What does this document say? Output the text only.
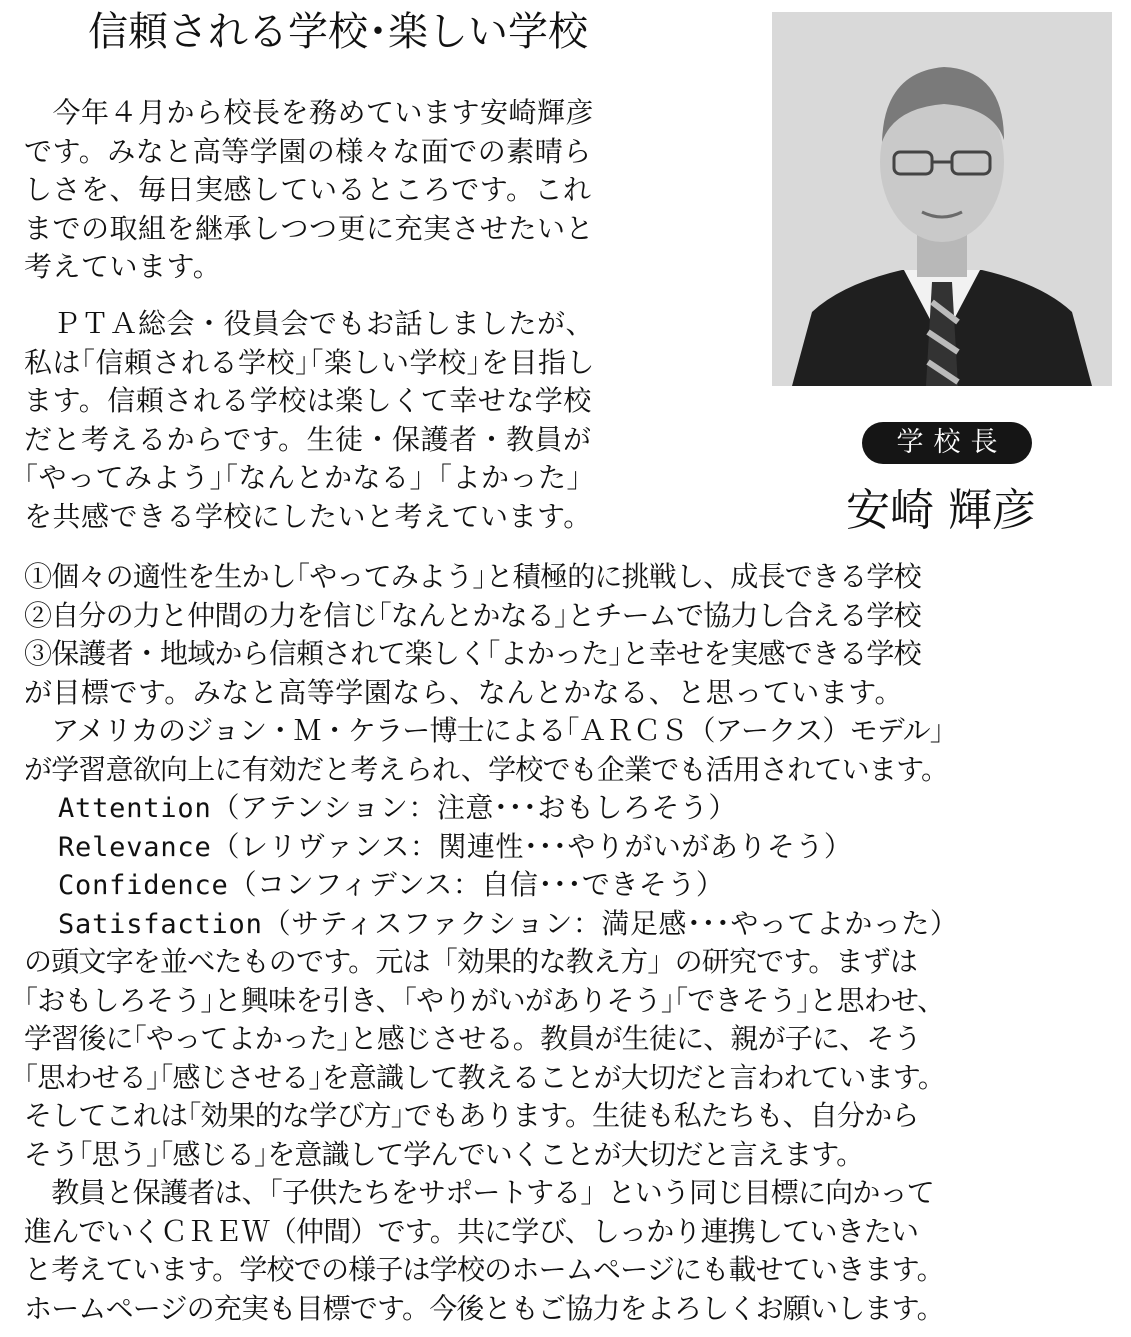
信頼される学校･楽しい学校
学校長
安崎 輝彦
　今年４月から校長を務めています安崎輝彦
です。みなと高等学園の様々な面での素晴ら
しさを、毎日実感しているところです。これ
までの取組を継承しつつ更に充実させたいと
考えています。
　ＰＴＡ総会・役員会でもお話しましたが、
私は｢信頼される学校｣｢楽しい学校｣を目指し
ます。信頼される学校は楽しくて幸せな学校
だと考えるからです。生徒・保護者・教員が
｢やってみよう｣｢なんとかなる｣「よかった」
を共感できる学校にしたいと考えています。
①個々の適性を生かし｢やってみよう｣と積極的に挑戦し、成長できる学校
②自分の力と仲間の力を信じ｢なんとかなる｣とチームで協力し合える学校
③保護者・地域から信頼されて楽しく｢よかった｣と幸せを実感できる学校
が目標です。みなと高等学園なら、なんとかなる、と思っています。
　アメリカのジョン・Ｍ・ケラー博士による｢ＡＲＣＳ（アークス）モデル｣
が学習意欲向上に有効だと考えられ、学校でも企業でも活用されています。
Attention（アテンション：注意･･･おもしろそう）
Relevance（レリヴァンス：関連性･･･やりがいがありそう）
Confidence（コンフィデンス：自信･･･できそう）
Satisfaction（サティスファクション：満足感･･･やってよかった）
の頭文字を並べたものです。元は「効果的な教え方」の研究です。まずは
｢おもしろそう｣と興味を引き、｢やりがいがありそう｣｢できそう｣と思わせ、
学習後に｢やってよかった｣と感じさせる。教員が生徒に、親が子に、そう
｢思わせる｣｢感じさせる｣を意識して教えることが大切だと言われています。
そしてこれは｢効果的な学び方｣でもあります。生徒も私たちも、自分から
そう｢思う｣｢感じる｣を意識して学んでいくことが大切だと言えます。
　教員と保護者は、「子供たちをサポートする」という同じ目標に向かって
進んでいくＣＲＥＷ（仲間）です。共に学び、しっかり連携していきたい
と考えています。学校での様子は学校のホームページにも載せていきます。
ホームページの充実も目標です。今後ともご協力をよろしくお願いします。
